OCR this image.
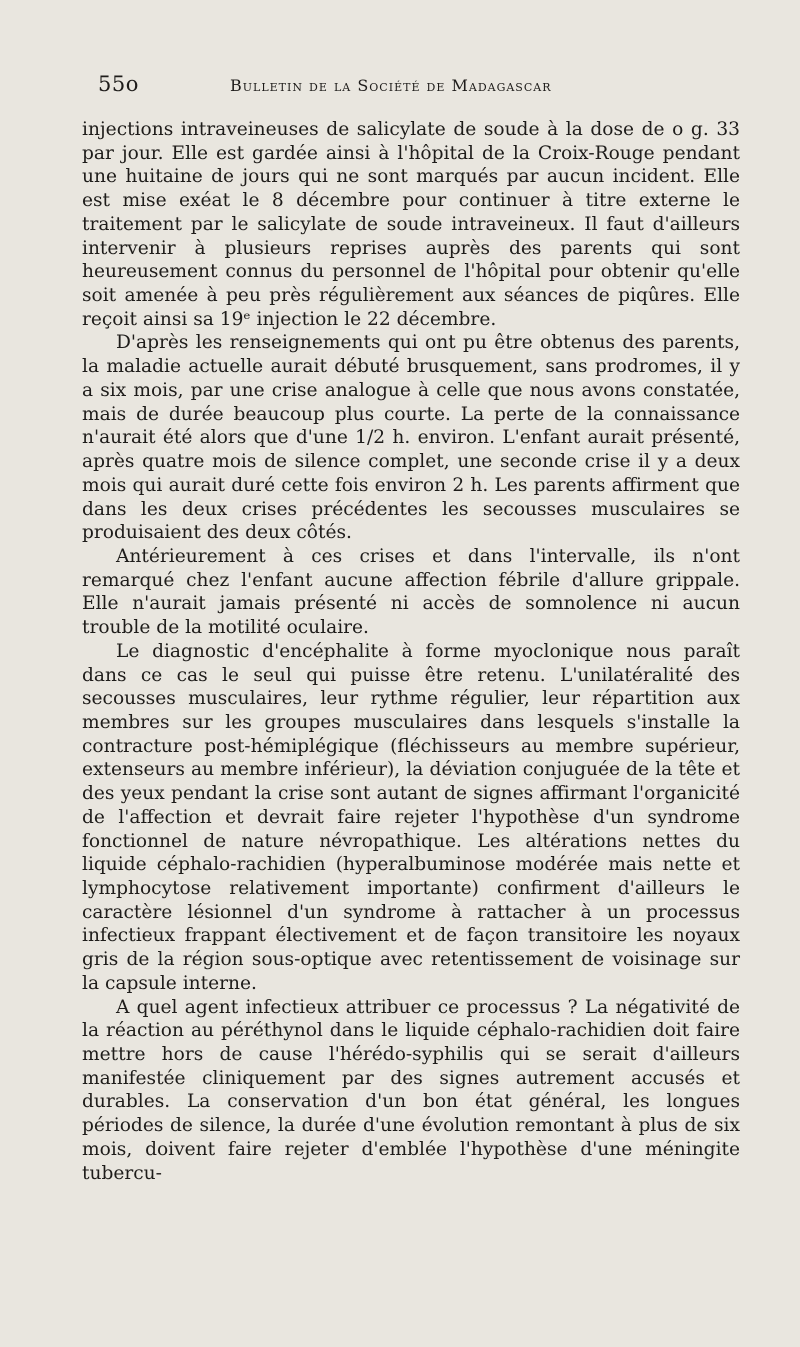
55o	Bulletin de la Société de Madagascar

injections intraveineuses de salicylate de soude à la dose de o g. 33 par jour. Elle est gardée ainsi à l'hôpital de la Croix-Rouge pendant une huitaine de jours qui ne sont marqués par aucun incident. Elle est mise exéat le 8 décembre pour continuer à titre externe le traitement par le salicylate de soude intraveineux. Il faut d'ailleurs intervenir à plusieurs reprises auprès des parents qui sont heureusement connus du personnel de l'hôpital pour obtenir qu'elle soit amenée à peu près régulièrement aux séances de piqûres. Elle reçoit ainsi sa 19ᵉ injection le 22 décembre.

D'après les renseignements qui ont pu être obtenus des parents, la maladie actuelle aurait débuté brusquement, sans prodromes, il y a six mois, par une crise analogue à celle que nous avons constatée, mais de durée beaucoup plus courte. La perte de la connaissance n'aurait été alors que d'une 1/2 h. environ. L'enfant aurait présenté, après quatre mois de silence complet, une seconde crise il y a deux mois qui aurait duré cette fois environ 2 h. Les parents affirment que dans les deux crises précédentes les secousses musculaires se produisaient des deux côtés.

Antérieurement à ces crises et dans l'intervalle, ils n'ont remarqué chez l'enfant aucune affection fébrile d'allure grippale. Elle n'aurait jamais présenté ni accès de somnolence ni aucun trouble de la motilité oculaire.

Le diagnostic d'encéphalite à forme myoclonique nous paraît dans ce cas le seul qui puisse être retenu. L'unilatéralité des secousses musculaires, leur rythme régulier, leur répartition aux membres sur les groupes musculaires dans lesquels s'installe la contracture post-hémiplégique (fléchisseurs au membre supérieur, extenseurs au membre inférieur), la déviation conjuguée de la tête et des yeux pendant la crise sont autant de signes affirmant l'organicité de l'affection et devrait faire rejeter l'hypothèse d'un syndrome fonctionnel de nature névropathique. Les altérations nettes du liquide céphalo-rachidien (hyperalbuminose modérée mais nette et lymphocytose relativement importante) confirment d'ailleurs le caractère lésionnel d'un syndrome à rattacher à un processus infectieux frappant électivement et de façon transitoire les noyaux gris de la région sous-optique avec retentissement de voisinage sur la capsule interne.

A quel agent infectieux attribuer ce processus ? La négativité de la réaction au péréthynol dans le liquide céphalo-rachidien doit faire mettre hors de cause l'hérédo-syphilis qui se serait d'ailleurs manifestée cliniquement par des signes autrement accusés et durables. La conservation d'un bon état général, les longues périodes de silence, la durée d'une évolution remontant à plus de six mois, doivent faire rejeter d'emblée l'hypothèse d'une méningite tubercu-
